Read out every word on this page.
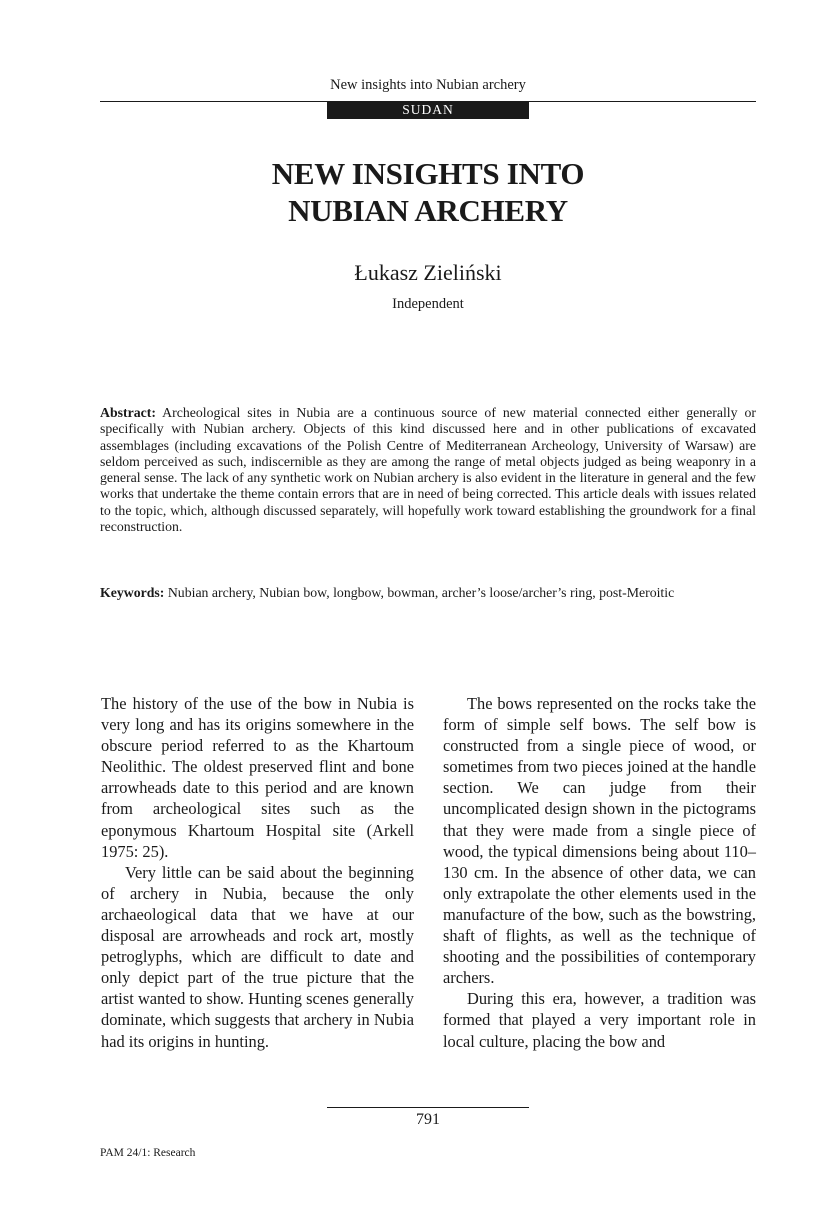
New insights into Nubian archery
SUDAN
NEW INSIGHTS INTO
NUBIAN ARCHERY
Łukasz Zieliński
Independent

Abstract: Archeological sites in Nubia are a continuous source of new material connected either generally or specifically with Nubian archery. Objects of this kind discussed here and in other publications of excavated assemblages (including excavations of the Polish Centre of Mediterranean Archeology, University of Warsaw) are seldom perceived as such, indiscernible as they are among the range of metal objects judged as being weaponry in a general sense. The lack of any synthetic work on Nubian archery is also evident in the literature in general and the few works that undertake the theme contain errors that are in need of being corrected. This article deals with issues related to the topic, which, although discussed separately, will hopefully work toward establishing the groundwork for a final reconstruction.

Keywords: Nubian archery, Nubian bow, longbow, bowman, archer’s loose/archer’s ring, post-Meroitic

The history of the use of the bow in Nubia is very long and has its origins somewhere in the obscure period referred to as the Khartoum Neolithic. The oldest preserved flint and bone arrowheads date to this period and are known from archeological sites such as the eponymous Khartoum Hospital site (Arkell 1975: 25).

Very little can be said about the beginning of archery in Nubia, because the only archaeological data that we have at our disposal are arrowheads and rock art, mostly petroglyphs, which are difficult to date and only depict part of the true picture that the artist wanted to show. Hunting scenes generally dominate, which suggests that archery in Nubia had its origins in hunting.

The bows represented on the rocks take the form of simple self bows. The self bow is constructed from a single piece of wood, or sometimes from two pieces joined at the handle section. We can judge from their uncomplicated design shown in the pictograms that they were made from a single piece of wood, the typical dimensions being about 110–130 cm. In the absence of other data, we can only extrapolate the other elements used in the manufacture of the bow, such as the bowstring, shaft of flights, as well as the technique of shooting and the possibilities of contemporary archers.

During this era, however, a tradition was formed that played a very important role in local culture, placing the bow and

791
PAM 24/1: Research
